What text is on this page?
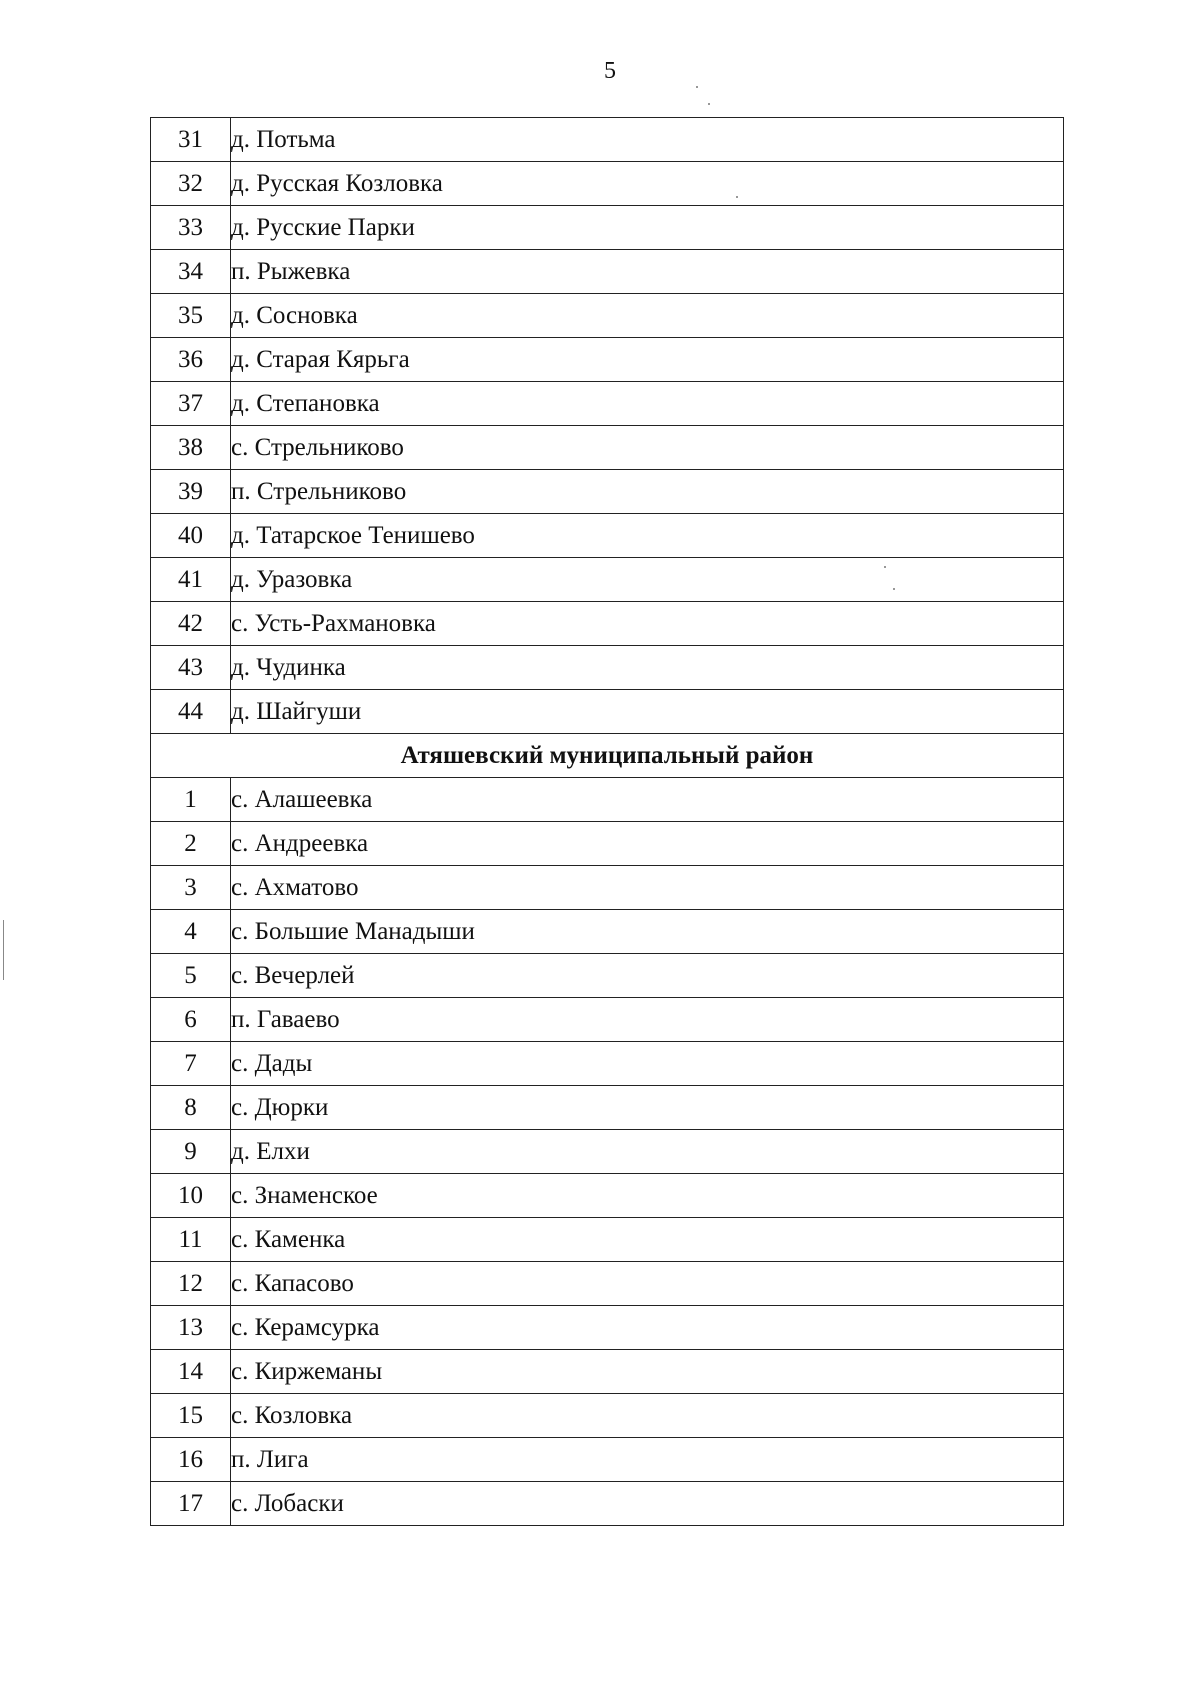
5
31	д. Потьма
32	д. Русская Козловка
33	д. Русские Парки
34	п. Рыжевка
35	д. Сосновка
36	д. Старая Кярьга
37	д. Степановка
38	с. Стрельниково
39	п. Стрельниково
40	д. Татарское Тенишево
41	д. Уразовка
42	с. Усть-Рахмановка
43	д. Чудинка
44	д. Шайгуши
Атяшевский муниципальный район	
1	с. Алашеевка
2	с. Андреевка
3	с. Ахматово
4	с. Большие Манадыши
5	с. Вечерлей
6	п. Гаваево
7	с. Дады
8	с. Дюрки
9	д. Елхи
10	с. Знаменское
11	с. Каменка
12	с. Капасово
13	с. Керамсурка
14	с. Киржеманы
15	с. Козловка
16	п. Лига
17	с. Лобаски
